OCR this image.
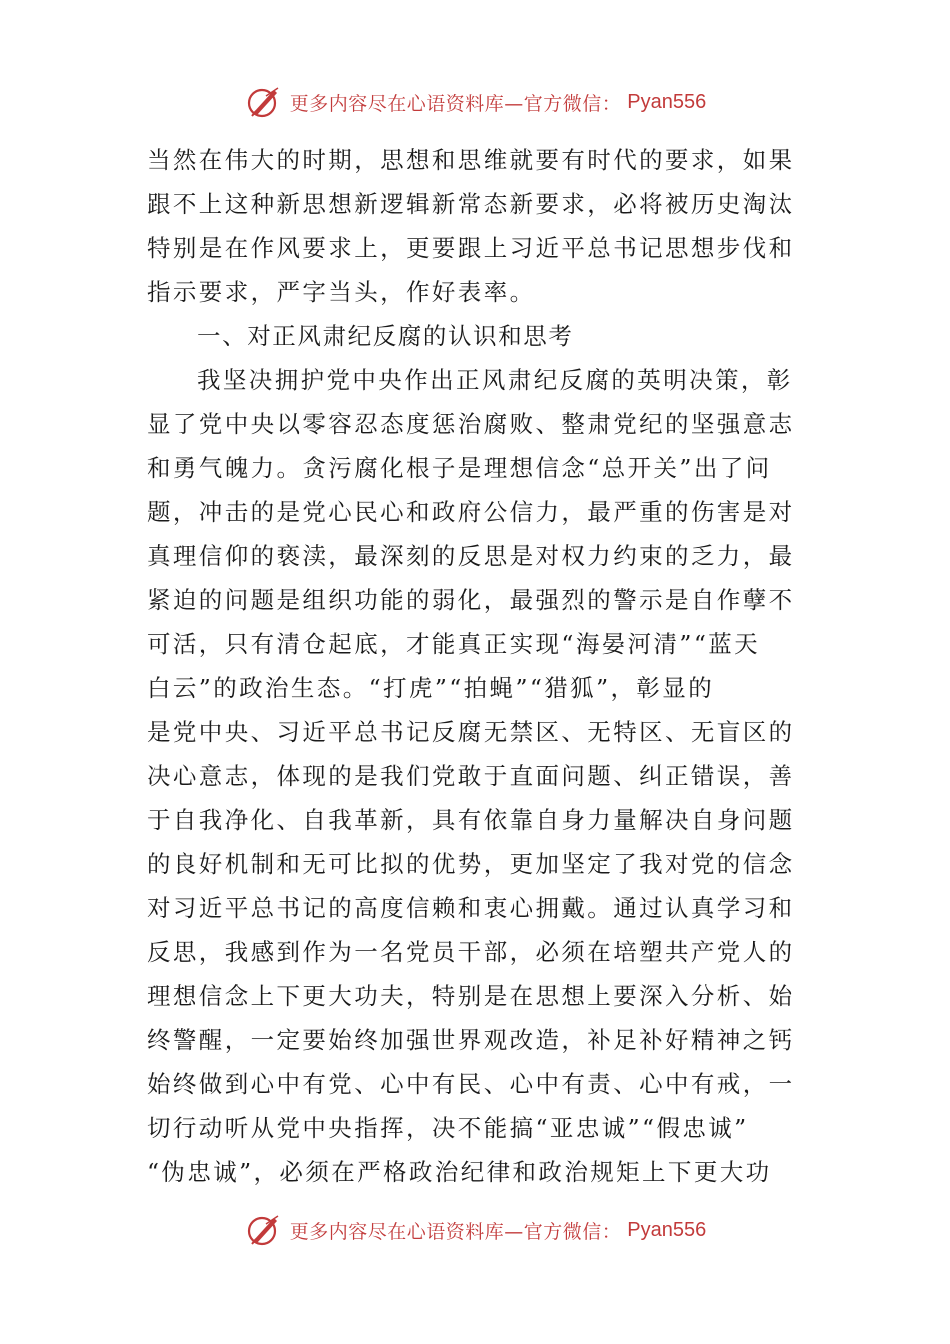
更多内容尽在心语资料库—官方微信： Pyan556
当然在伟大的时期，思想和思维就要有时代的要求，如果
跟不上这种新思想新逻辑新常态新要求，必将被历史淘汰
特别是在作风要求上，更要跟上习近平总书记思想步伐和
指示要求，严字当头，作好表率。
一、对正风肃纪反腐的认识和思考
我坚决拥护党中央作出正风肃纪反腐的英明决策，彰
显了党中央以零容忍态度惩治腐败、整肃党纪的坚强意志
和勇气魄力。贪污腐化根子是理想信念“总开关”出了问
题，冲击的是党心民心和政府公信力，最严重的伤害是对
真理信仰的亵渎，最深刻的反思是对权力约束的乏力，最
紧迫的问题是组织功能的弱化，最强烈的警示是自作孽不
可活，只有清仓起底，才能真正实现“海晏河清”“蓝天
白云”的政治生态。“打虎”“拍蝇”“猎狐”，彰显的
是党中央、习近平总书记反腐无禁区、无特区、无盲区的
决心意志，体现的是我们党敢于直面问题、纠正错误，善
于自我净化、自我革新，具有依靠自身力量解决自身问题
的良好机制和无可比拟的优势，更加坚定了我对党的信念
对习近平总书记的高度信赖和衷心拥戴。通过认真学习和
反思，我感到作为一名党员干部，必须在培塑共产党人的
理想信念上下更大功夫，特别是在思想上要深入分析、始
终警醒，一定要始终加强世界观改造，补足补好精神之钙
始终做到心中有党、心中有民、心中有责、心中有戒，一
切行动听从党中央指挥，决不能搞“亚忠诚”“假忠诚”
“伪忠诚”，必须在严格政治纪律和政治规矩上下更大功
更多内容尽在心语资料库—官方微信： Pyan556
